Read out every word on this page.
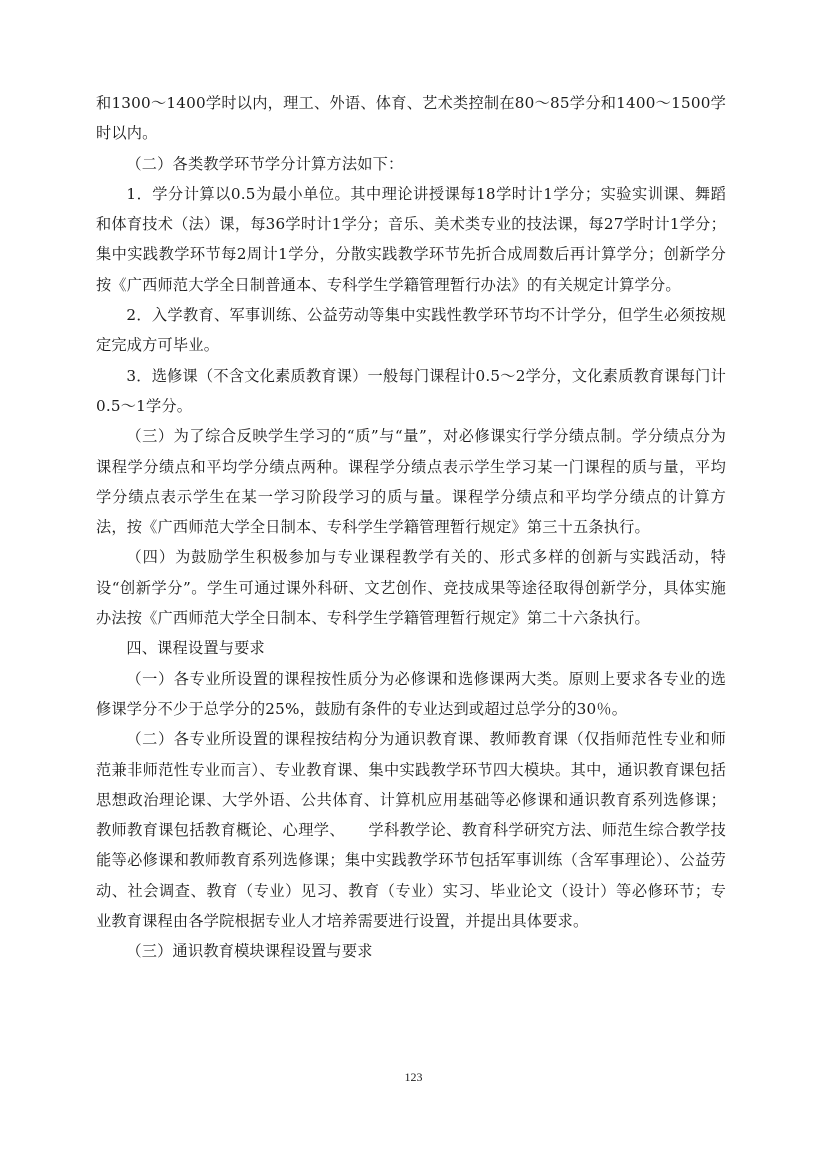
和1300～1400学时以内，理工、外语、体育、艺术类控制在80～85学分和1400～1500学时以内。

（二）各类教学环节学分计算方法如下：

1．学分计算以0.5为最小单位。其中理论讲授课每18学时计1学分；实验实训课、舞蹈和体育技术（法）课，每36学时计1学分；音乐、美术类专业的技法课，每27学时计1学分；集中实践教学环节每2周计1学分，分散实践教学环节先折合成周数后再计算学分；创新学分按《广西师范大学全日制普通本、专科学生学籍管理暂行办法》的有关规定计算学分。

2．入学教育、军事训练、公益劳动等集中实践性教学环节均不计学分，但学生必须按规定完成方可毕业。

3．选修课（不含文化素质教育课）一般每门课程计0.5～2学分，文化素质教育课每门计0.5～1学分。

（三）为了综合反映学生学习的“质”与“量”，对必修课实行学分绩点制。学分绩点分为课程学分绩点和平均学分绩点两种。课程学分绩点表示学生学习某一门课程的质与量，平均学分绩点表示学生在某一学习阶段学习的质与量。课程学分绩点和平均学分绩点的计算方法，按《广西师范大学全日制本、专科学生学籍管理暂行规定》第三十五条执行。

（四）为鼓励学生积极参加与专业课程教学有关的、形式多样的创新与实践活动，特设“创新学分”。学生可通过课外科研、文艺创作、竞技成果等途径取得创新学分，具体实施办法按《广西师范大学全日制本、专科学生学籍管理暂行规定》第二十六条执行。

四、课程设置与要求

（一）各专业所设置的课程按性质分为必修课和选修课两大类。原则上要求各专业的选修课学分不少于总学分的25%，鼓励有条件的专业达到或超过总学分的30％。

（二）各专业所设置的课程按结构分为通识教育课、教师教育课（仅指师范性专业和师范兼非师范性专业而言）、专业教育课、集中实践教学环节四大模块。其中，通识教育课包括思想政治理论课、大学外语、公共体育、计算机应用基础等必修课和通识教育系列选修课；教师教育课包括教育概论、心理学、　　学科教学论、教育科学研究方法、师范生综合教学技能等必修课和教师教育系列选修课；集中实践教学环节包括军事训练（含军事理论）、公益劳动、社会调查、教育（专业）见习、教育（专业）实习、毕业论文（设计）等必修环节；专业教育课程由各学院根据专业人才培养需要进行设置，并提出具体要求。

（三）通识教育模块课程设置与要求

123
